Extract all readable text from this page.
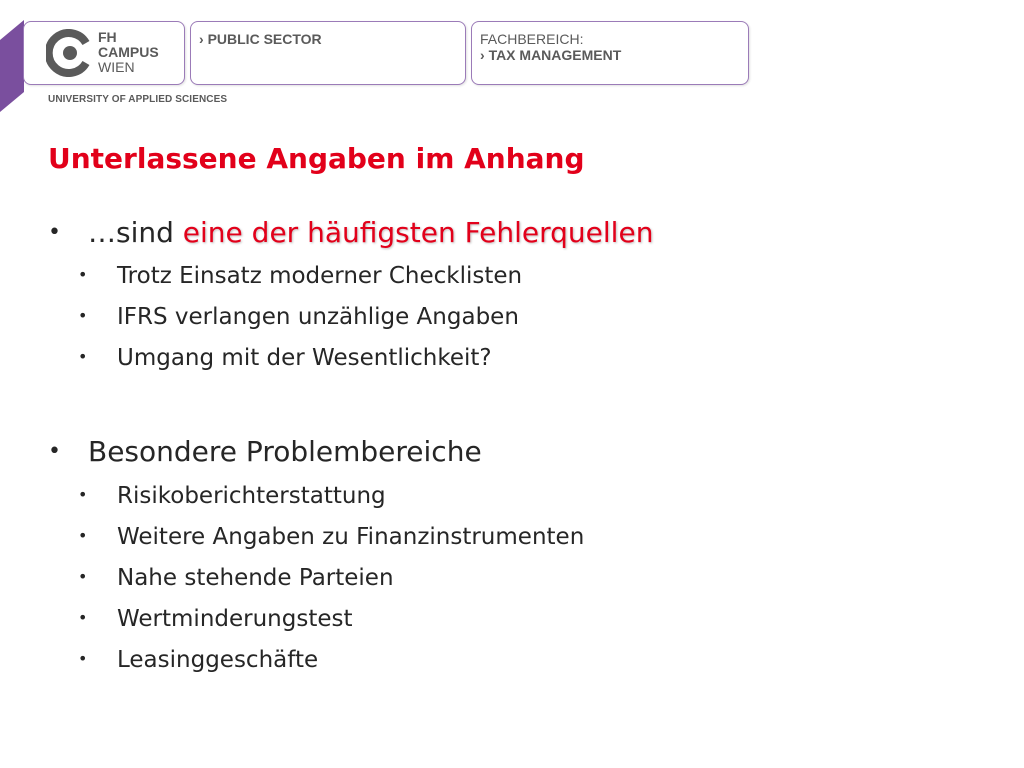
FH
CAMPUS
WIEN
› PUBLIC SECTOR	FACHBEREICH:
› TAX MANAGEMENT
UNIVERSITY OF APPLIED SCIENCES
Unterlassene Angaben im Anhang
• …sind eine der häufigsten Fehlerquellen
• Trotz Einsatz moderner Checklisten
• IFRS verlangen unzählige Angaben
• Umgang mit der Wesentlichkeit?
• Besondere Problembereiche
• Risikoberichterstattung
• Weitere Angaben zu Finanzinstrumenten
• Nahe stehende Parteien
• Wertminderungstest
• Leasinggeschäfte
